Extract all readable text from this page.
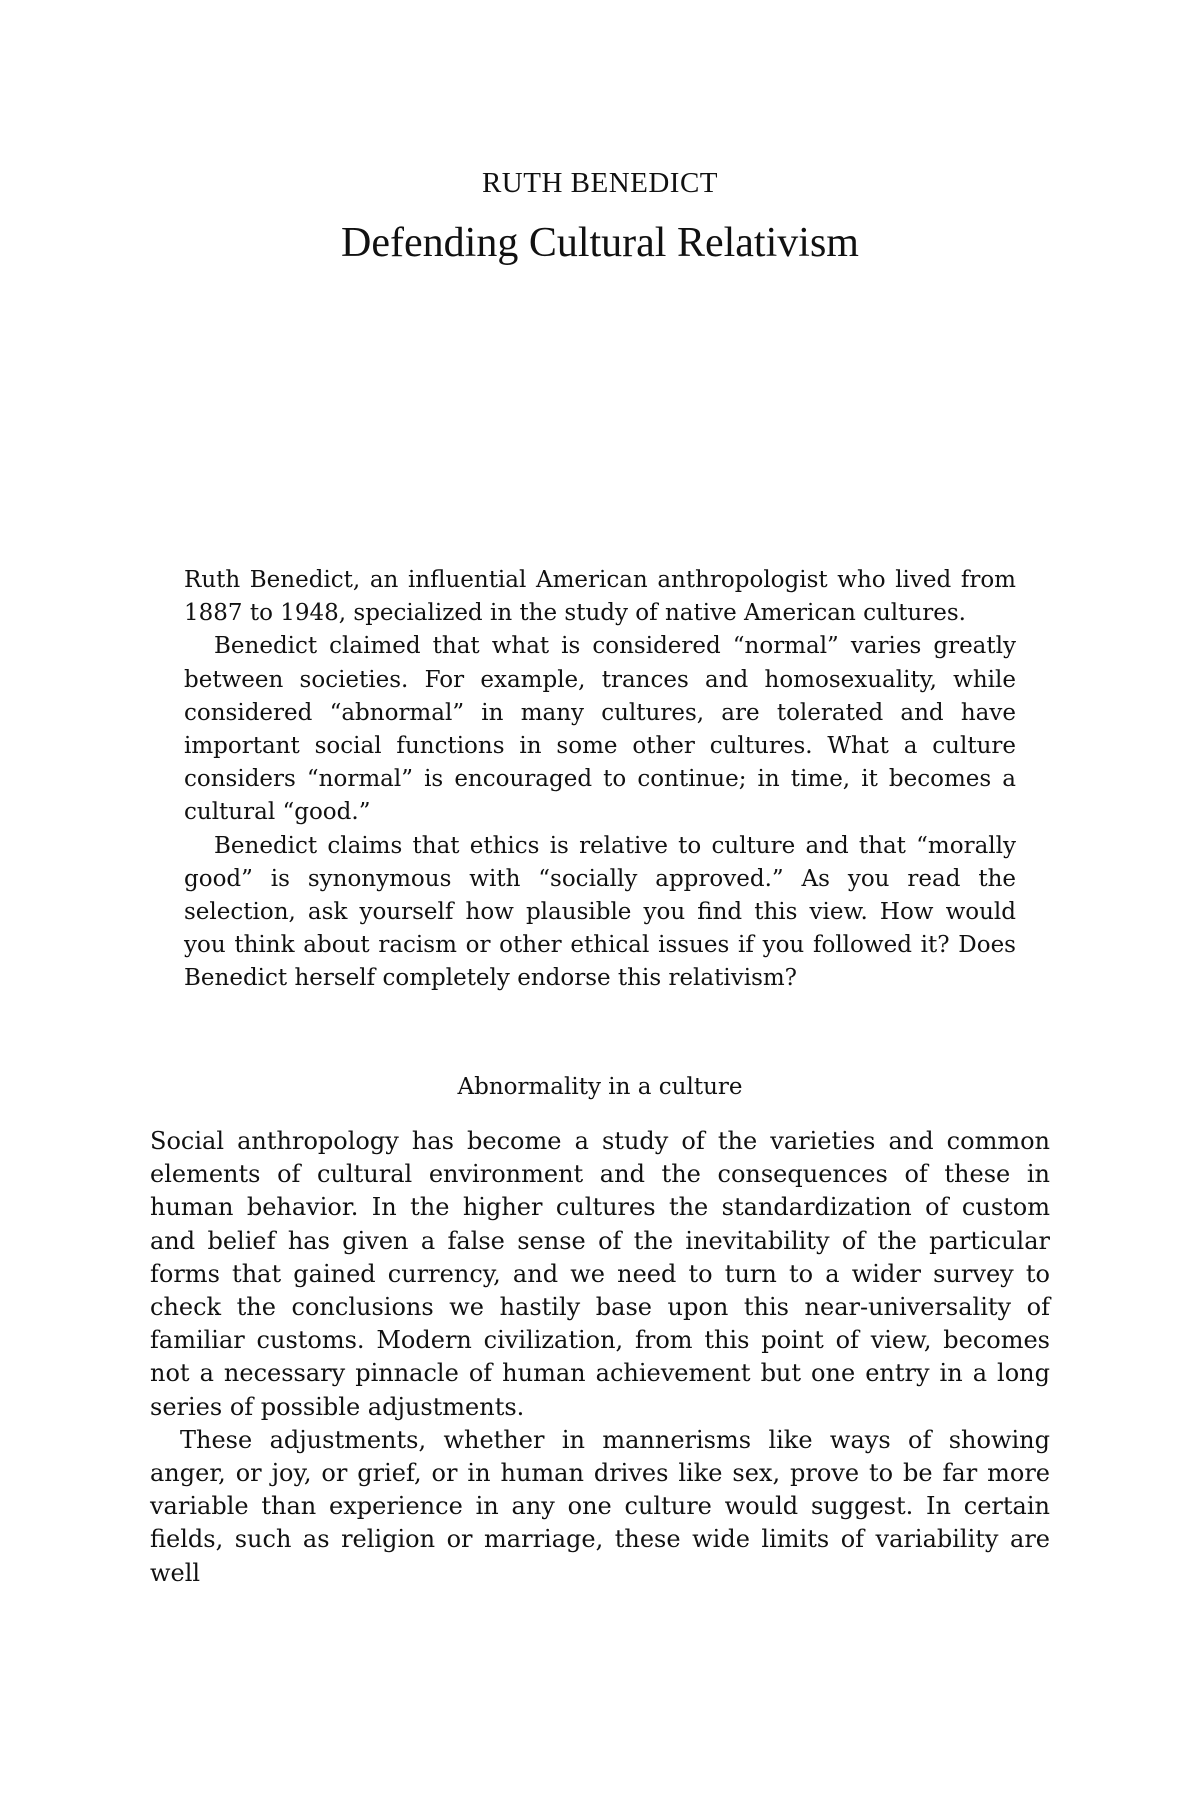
RUTH BENEDICT
Defending Cultural Relativism

Ruth Benedict, an influential American anthropologist who lived from 1887 to 1948, specialized in the study of native American cultures.

Benedict claimed that what is considered “normal” varies greatly between societies. For example, trances and homosexuality, while considered “abnormal” in many cultures, are tolerated and have important social functions in some other cultures. What a culture considers “normal” is encouraged to continue; in time, it becomes a cultural “good.”

Benedict claims that ethics is relative to culture and that “morally good” is synonymous with “socially approved.” As you read the selection, ask yourself how plausible you find this view. How would you think about racism or other ethical issues if you followed it? Does Benedict herself completely endorse this relativism?

Abnormality in a culture

Social anthropology has become a study of the varieties and common elements of cultural environment and the consequences of these in human behavior. In the higher cultures the standardization of custom and belief has given a false sense of the inevitability of the particular forms that gained currency, and we need to turn to a wider survey to check the conclusions we hastily base upon this near-universality of familiar customs. Modern civilization, from this point of view, becomes not a necessary pinnacle of human achievement but one entry in a long series of possible adjustments.

These adjustments, whether in mannerisms like ways of showing anger, or joy, or grief, or in human drives like sex, prove to be far more variable than experience in any one culture would suggest. In certain fields, such as religion or marriage, these wide limits of variability are well
